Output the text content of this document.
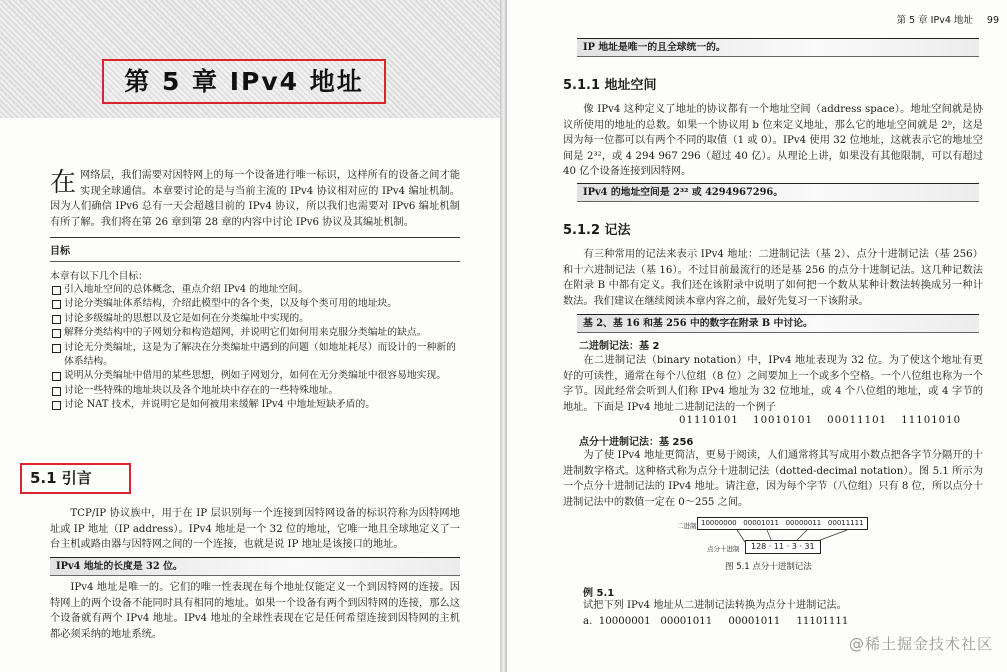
第 5 章 IPv4 地址
在网络层，我们需要对因特网上的每一个设备进行唯一标识，这样所有的设备之间才能实现全球通信。本章要讨论的是与当前主流的 IPv4 协议相对应的 IPv4 编址机制。因为人们确信 IPv6 总有一天会超越目前的 IPv4 协议，所以我们也需要对 IPv6 编址机制有所了解。我们将在第 26 章到第 28 章的内容中讨论 IPv6 协议及其编址机制。
目标
本章有以下几个目标：
引入地址空间的总体概念，重点介绍 IPv4 的地址空间。
讨论分类编址体系结构，介绍此模型中的各个类，以及每个类可用的地址块。
讨论多级编址的思想以及它是如何在分类编址中实现的。
解释分类结构中的子网划分和构造超网，并说明它们如何用来克服分类编址的缺点。
讨论无分类编址，这是为了解决在分类编址中遇到的问题（如地址耗尽）而设计的一种新的体系结构。
说明从分类编址中借用的某些思想，例如子网划分，如何在无分类编址中很容易地实现。
讨论一些特殊的地址块以及各个地址块中存在的一些特殊地址。
讨论 NAT 技术，并说明它是如何被用来缓解 IPv4 中地址短缺矛盾的。
5.1 引言
TCP/IP 协议族中，用于在 IP 层识别每一个连接到因特网设备的标识符称为因特网地址或 IP 地址（IP address）。IPv4 地址是一个 32 位的地址，它唯一地且全球地定义了一台主机或路由器与因特网之间的一个连接，也就是说 IP 地址是该接口的地址。
IPv4 地址的长度是 32 位。
IPv4 地址是唯一的。它们的唯一性表现在每个地址仅能定义一个到因特网的连接。因特网上的两个设备不能同时具有相同的地址。如果一个设备有两个到因特网的连接，那么这个设备就有两个 IPv4 地址。IPv4 地址的全球性表现在它是任何希望连接到因特网的主机都必须采纳的地址系统。
第 5 章 IPv4 地址 99
IP 地址是唯一的且全球统一的。
5.1.1 地址空间
像 IPv4 这种定义了地址的协议都有一个地址空间（address space）。地址空间就是协议所使用的地址的总数。如果一个协议用 b 位来定义地址，那么它的地址空间就是 2ᵇ，这是因为每一位都可以有两个不同的取值（1 或 0）。IPv4 使用 32 位地址，这就表示它的地址空间是 2³²，或 4 294 967 296（超过 40 亿）。从理论上讲，如果没有其他限制，可以有超过 40 亿个设备连接到因特网。
IPv4 的地址空间是 2³² 或 4294967296。
5.1.2 记法
有三种常用的记法来表示 IPv4 地址：二进制记法（基 2）、点分十进制记法（基 256）和十六进制记法（基 16）。不过目前最流行的还是基 256 的点分十进制记法。这几种记数法在附录 B 中都有定义。我们还在该附录中说明了如何把一个数从某种计数法转换成另一种计数法。我们建议在继续阅读本章内容之前，最好先复习一下该附录。
基 2、基 16 和基 256 中的数字在附录 B 中讨论。
二进制记法：基 2
在二进制记法（binary notation）中，IPv4 地址表现为 32 位。为了使这个地址有更好的可读性，通常在每个八位组（8 位）之间要加上一个或多个空格。一个八位组也称为一个字节。因此经常会听到人们称 IPv4 地址为 32 位地址，或 4 个八位组的地址，或 4 字节的地址。下面是 IPv4 地址二进制记法的一个例子
01110101 10010101 00011101 11101010
点分十进制记法：基 256
为了使 IPv4 地址更简洁，更易于阅读，人们通常将其写成用小数点把各字节分隔开的十进制数字格式。这种格式称为点分十进制记法（dotted-decimal notation）。图 5.1 所示为一个点分十进制记法的 IPv4 地址。请注意，因为每个字节（八位组）只有 8 位，所以点分十进制记法中的数值一定在 0～255 之间。
二进制 10000000   00001011   00000011   00011111
点分十进制	128 · 11 · 3 · 31
图 5.1 点分十进制记法
例 5.1
试把下列 IPv4 地址从二进制记法转换为点分十进制记法。
a.  10000001   00001011     00001011     11101111
@稀土掘金技术社区
